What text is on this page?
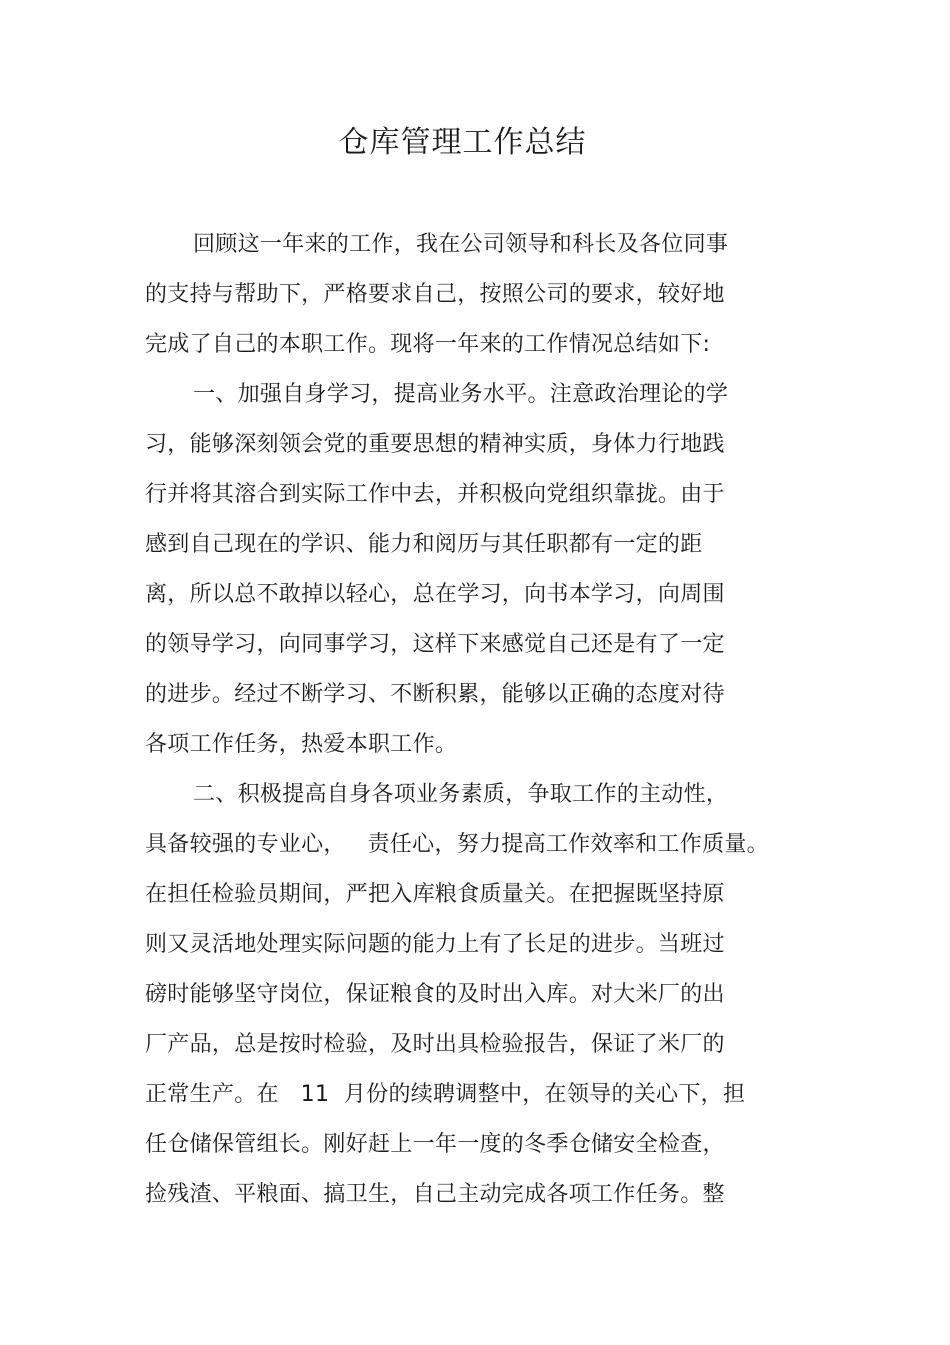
仓库管理工作总结
回顾这一年来的工作，我在公司领导和科长及各位同事
的支持与帮助下，严格要求自己，按照公司的要求，较好地
完成了自己的本职工作。现将一年来的工作情况总结如下:
一、加强自身学习，提高业务水平。注意政治理论的学
习，能够深刻领会党的重要思想的精神实质，身体力行地践
行并将其溶合到实际工作中去，并积极向党组织靠拢。由于
感到自己现在的学识、能力和阅历与其任职都有一定的距
离，所以总不敢掉以轻心，总在学习，向书本学习，向周围
的领导学习，向同事学习，这样下来感觉自己还是有了一定
的进步。经过不断学习、不断积累，能够以正确的态度对待
各项工作任务，热爱本职工作。
二、积极提高自身各项业务素质，争取工作的主动性，
具备较强的专业心，   责任心，努力提高工作效率和工作质量。
在担任检验员期间，严把入库粮食质量关。在把握既坚持原
则又灵活地处理实际问题的能力上有了长足的进步。当班过
磅时能够坚守岗位，保证粮食的及时出入库。对大米厂的出
厂产品，总是按时检验，及时出具检验报告，保证了米厂的
正常生产。在   11  月份的续聘调整中，在领导的关心下，担
任仓储保管组长。刚好赶上一年一度的冬季仓储安全检查，
捡残渣、平粮面、搞卫生，自己主动完成各项工作任务。整
